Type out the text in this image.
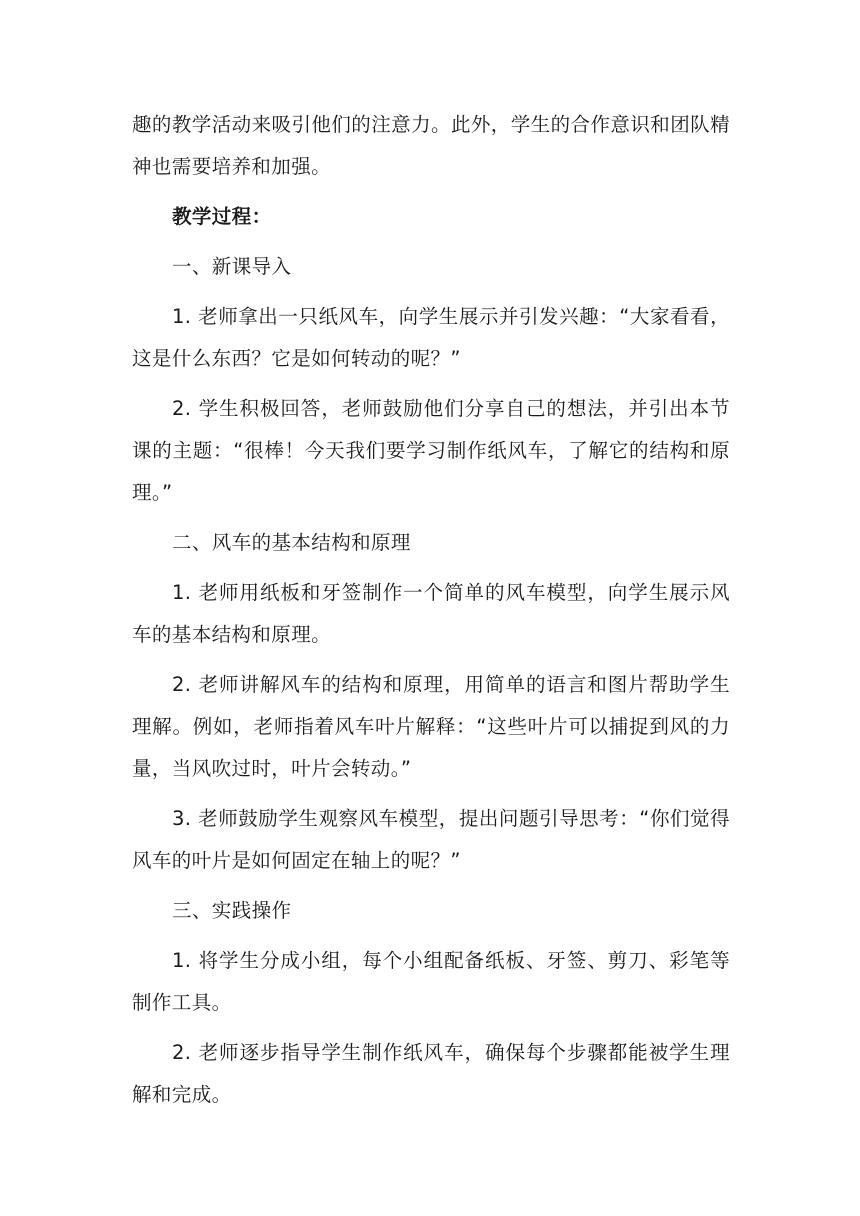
趣的教学活动来吸引他们的注意力。此外，学生的合作意识和团队精神也需要培养和加强。

教学过程：

一、新课导入

1. 老师拿出一只纸风车，向学生展示并引发兴趣：“大家看看，这是什么东西？它是如何转动的呢？”

2. 学生积极回答，老师鼓励他们分享自己的想法，并引出本节课的主题：“很棒！今天我们要学习制作纸风车，了解它的结构和原理。”

二、风车的基本结构和原理

1. 老师用纸板和牙签制作一个简单的风车模型，向学生展示风车的基本结构和原理。

2. 老师讲解风车的结构和原理，用简单的语言和图片帮助学生理解。例如，老师指着风车叶片解释：“这些叶片可以捕捉到风的力量，当风吹过时，叶片会转动。”

3. 老师鼓励学生观察风车模型，提出问题引导思考：“你们觉得风车的叶片是如何固定在轴上的呢？”

三、实践操作

1. 将学生分成小组，每个小组配备纸板、牙签、剪刀、彩笔等制作工具。

2. 老师逐步指导学生制作纸风车，确保每个步骤都能被学生理解和完成。
